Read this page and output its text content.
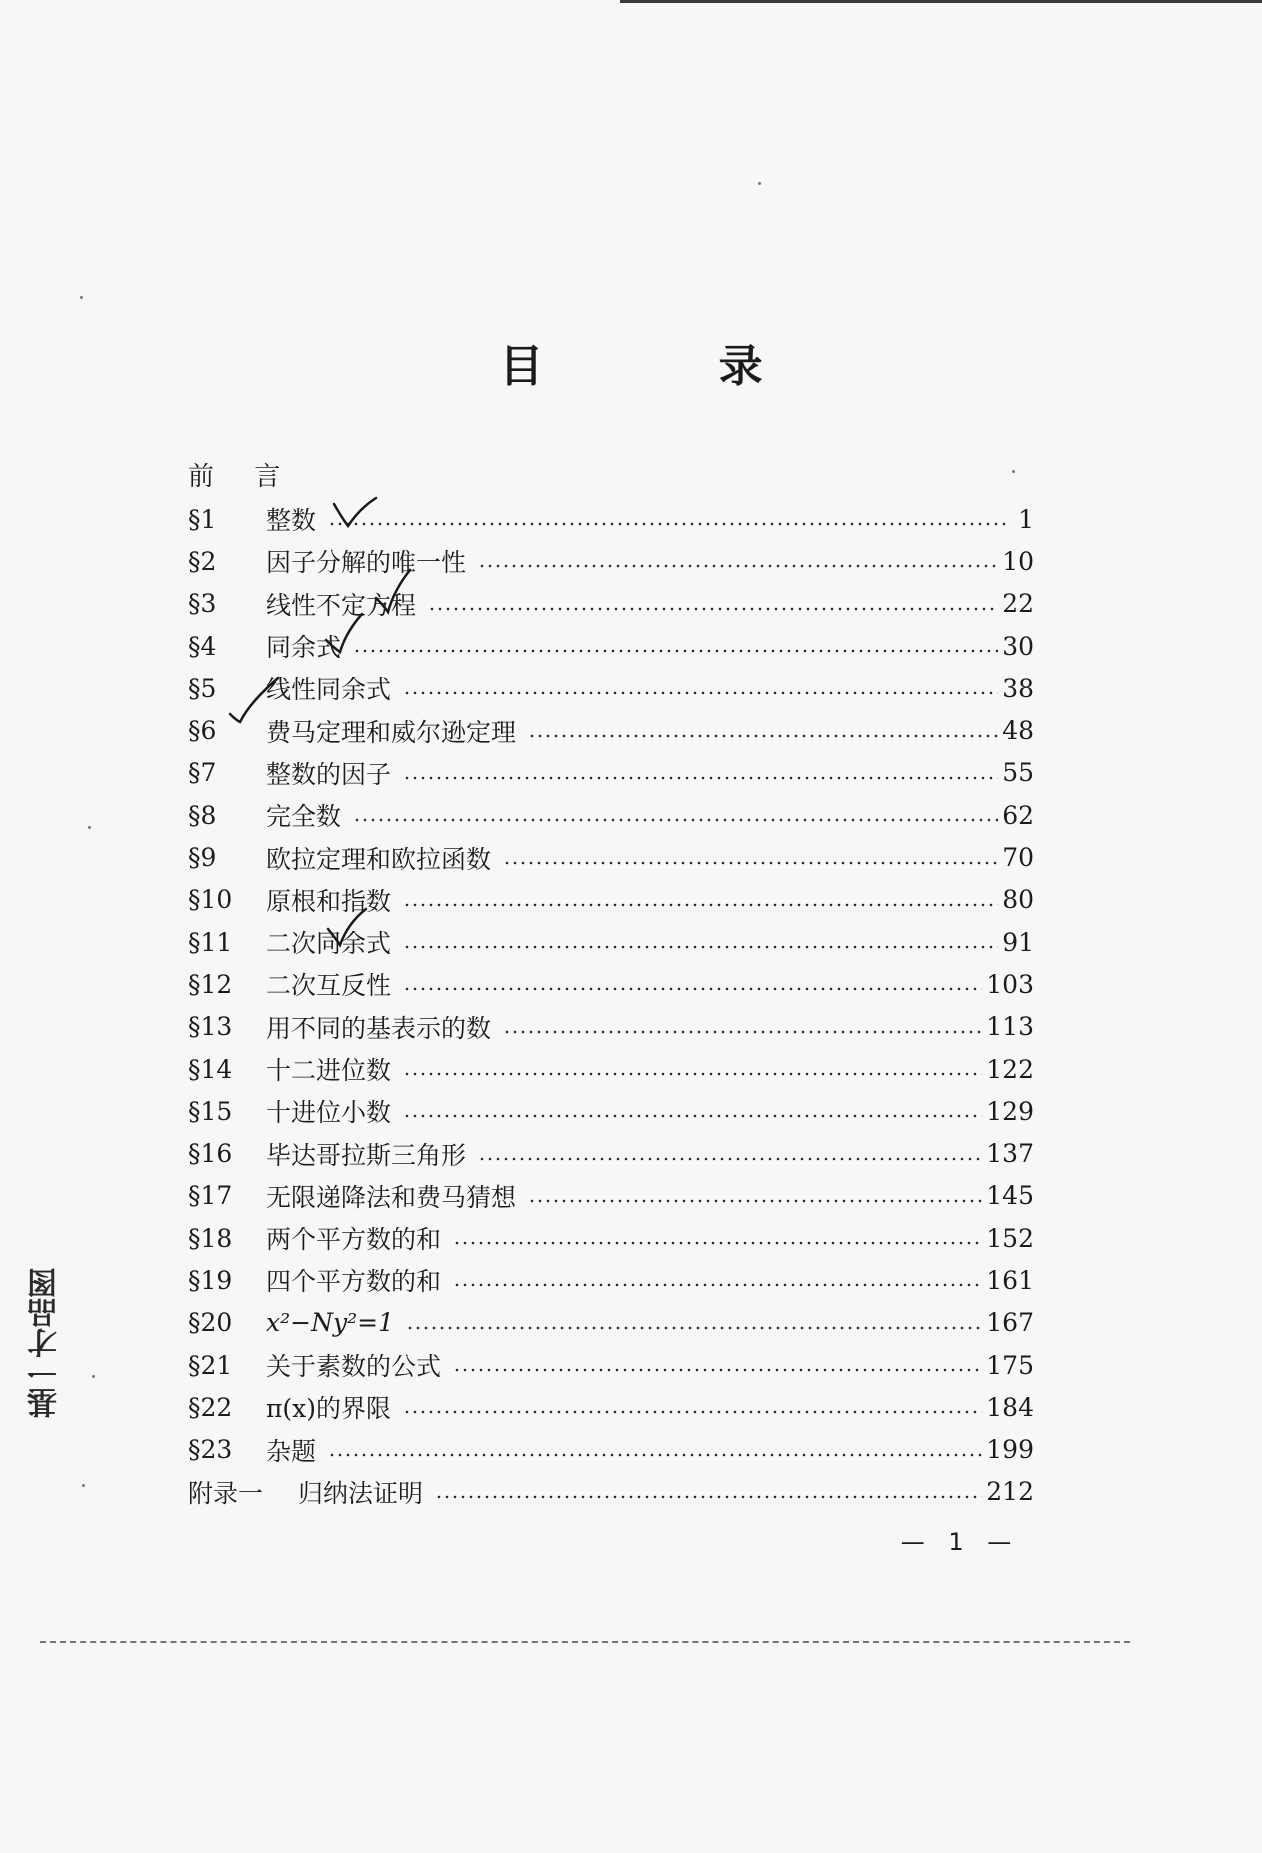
目 录
前 言
§1	整数	1
§2	因子分解的唯一性	10
§3	线性不定方程	22
§4	同余式	30
§5	线性同余式	38
§6	费马定理和威尔逊定理	48
§7	整数的因子	55
§8	完全数	62
§9	欧拉定理和欧拉函数	70
§10	原根和指数	80
§11	二次同余式	91
§12	二次互反性	103
§13	用不同的基表示的数	113
§14	十二进位数	122
§15	十进位小数	129
§16	毕达哥拉斯三角形	137
§17	无限递降法和费马猜想	145
§18	两个平方数的和	152
§19	四个平方数的和	161
§20	x²−Ny²=1	167
§21	关于素数的公式	175
§22	π(x)的界限	184
§23	杂题	199
附录一	归纳法证明	212
— 1 —
基一才品图
